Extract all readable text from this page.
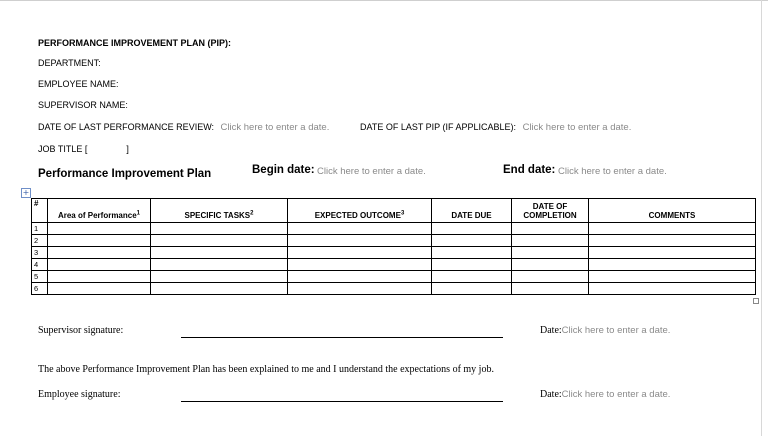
PERFORMANCE IMPROVEMENT PLAN (PIP):
DEPARTMENT:
EMPLOYEE NAME:
SUPERVISOR NAME:
DATE OF LAST PERFORMANCE REVIEW: Click here to enter a date.	DATE OF LAST PIP (IF APPLICABLE): Click here to enter a date.
JOB TITLE [	]
Performance Improvement Plan	Begin date: Click here to enter a date.	End date: Click here to enter a date.
+
#	Area of Performance$^1$	SPECIFIC TASKS$^2$	EXPECTED OUTCOME$^3$	DATE DUE	DATE OF COMPLETION	COMMENTS
1						
2						
3						
4						
5						
6						
Supervisor signature:	Date:Click here to enter a date.
The above Performance Improvement Plan has been explained to me and I understand the expectations of my job.
Employee signature:	Date:Click here to enter a date.
